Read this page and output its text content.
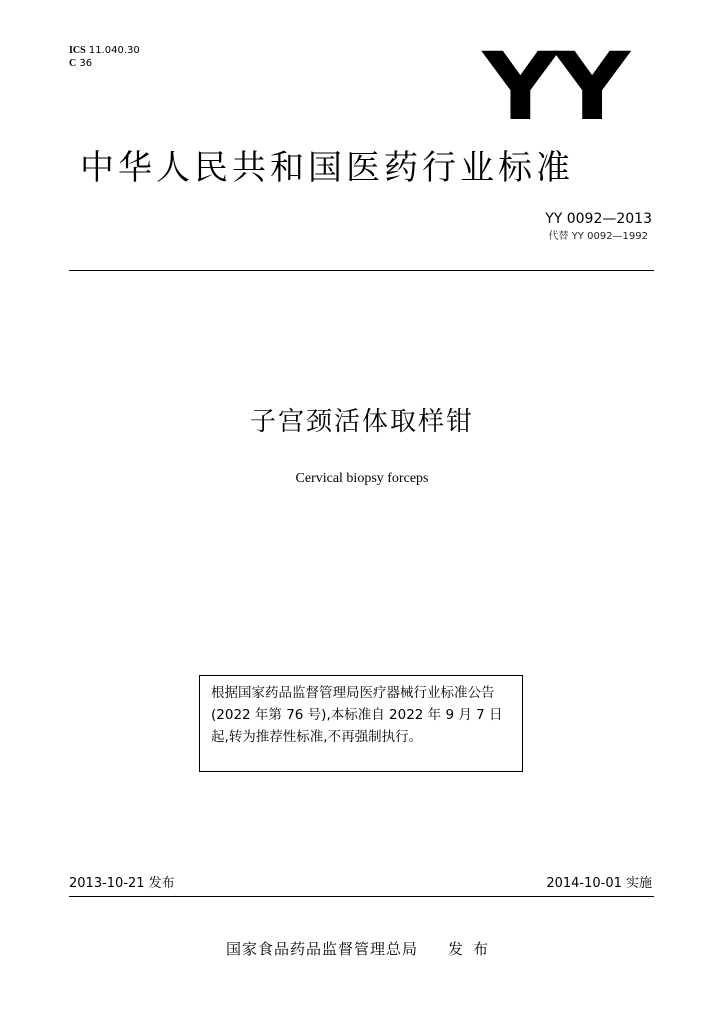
ICS 11.040.30
C 36	YY
中华人民共和国医药行业标准
YY 0092—2013
代替 YY 0092—1992
子宫颈活体取样钳
Cervical biopsy forceps
根据国家药品监督管理局医疗器械行业标准公告(2022 年第 76 号),本标准自 2022 年 9 月 7 日起,转为推荐性标准,不再强制执行。
2013-10-21 发布	2014-10-01 实施
国家食品药品监督管理总局 发布
